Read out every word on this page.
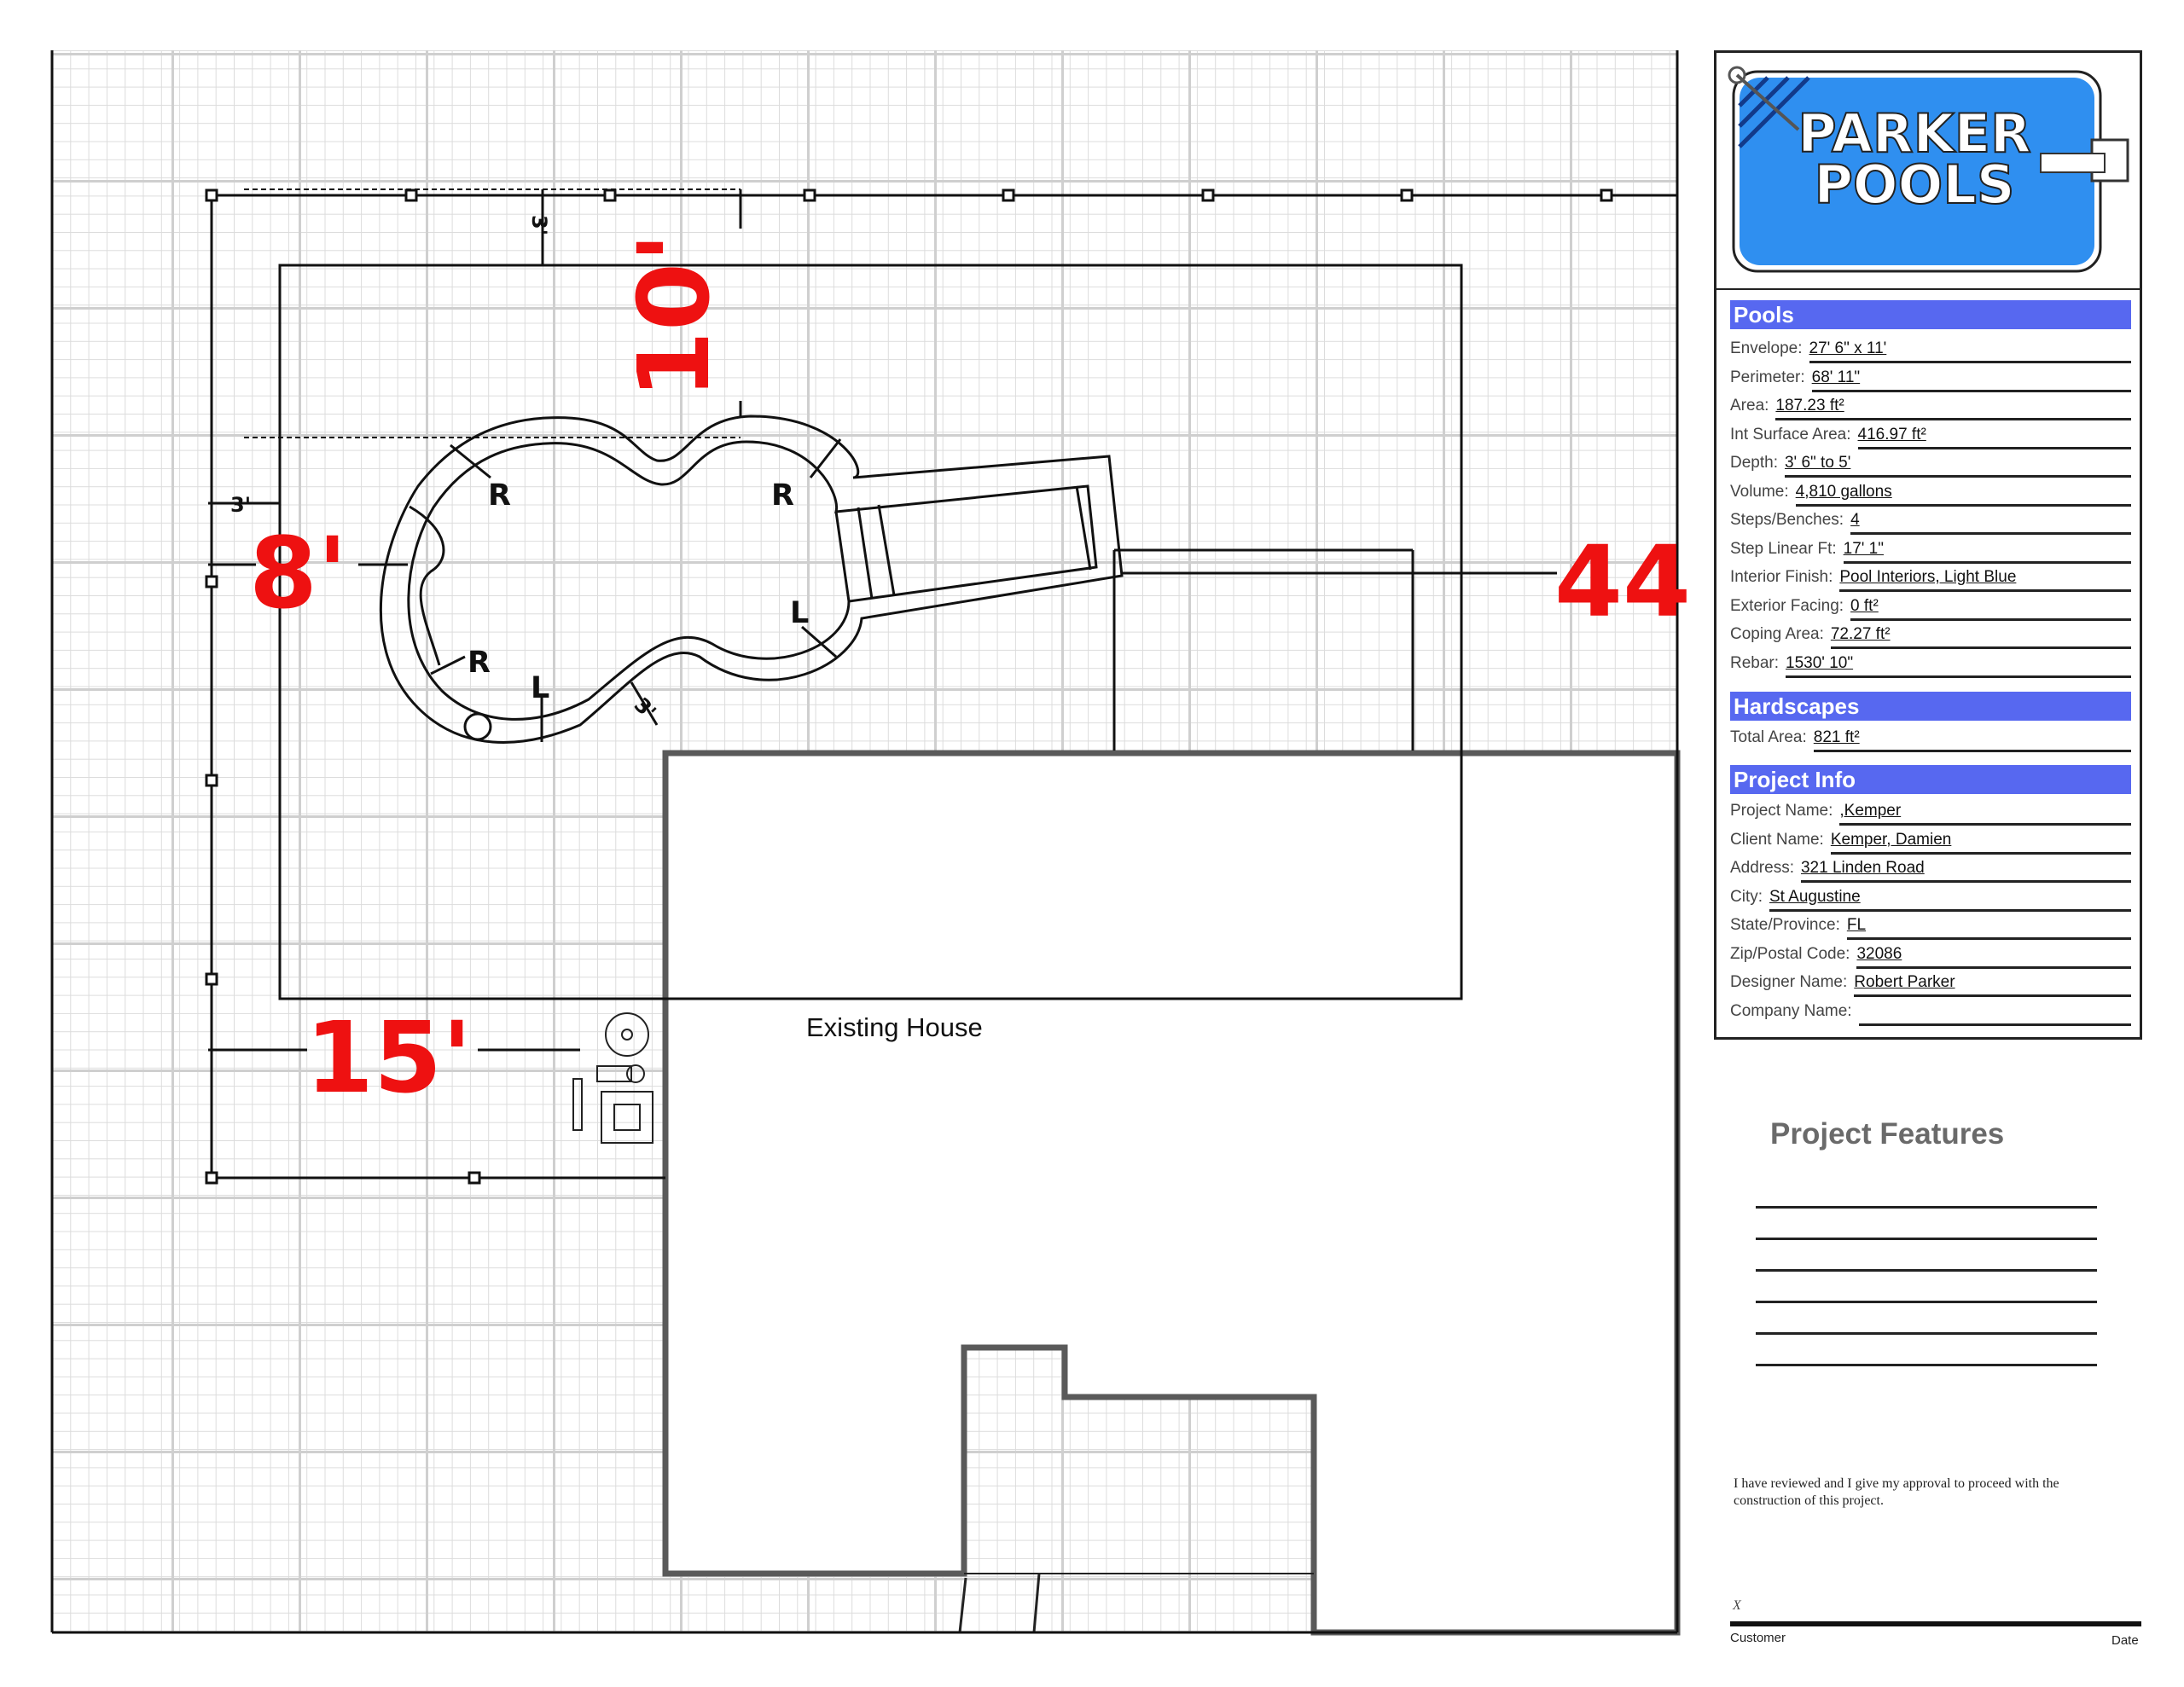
Existing House
R	R
R
L
L
3'
3'
3'
8'
15'
44
10'
PARKER
POOLS
Pools
Envelope: 27' 6" x 11'
Perimeter: 68' 11"
Area: 187.23 ft²
Int Surface Area: 416.97 ft²
Depth: 3' 6" to 5'
Volume: 4,810 gallons
Steps/Benches: 4
Step Linear Ft: 17' 1"
Interior Finish: Pool Interiors, Light Blue
Exterior Facing: 0 ft²
Coping Area: 72.27 ft²
Rebar: 1530' 10"
Hardscapes
Total Area: 821 ft²
Project Info
Project Name: ,Kemper
Client Name: Kemper, Damien
Address: 321 Linden Road
City: St Augustine
State/Province: FL
Zip/Postal Code: 32086
Designer Name: Robert Parker
Company Name:
Project Features
I have reviewed and I give my approval to proceed with the construction of this project.
X
Customer	Date
